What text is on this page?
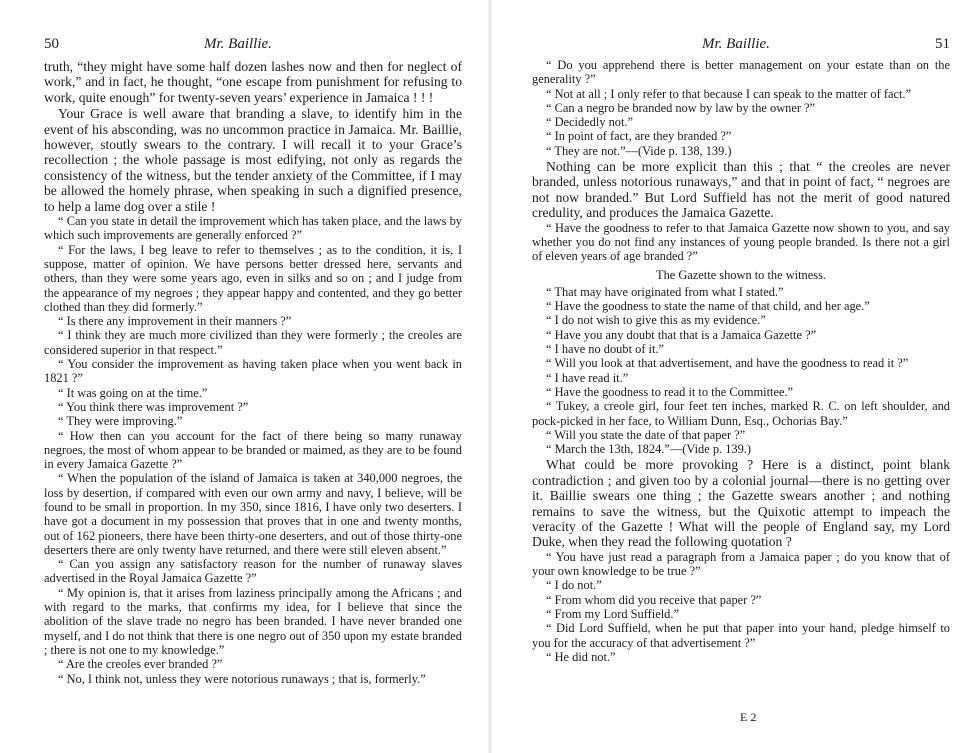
50	Mr. Baillie.

truth, “they might have some half dozen lashes now and then for neglect of work,” and in fact, he thought, “one escape from punishment for refusing to work, quite enough” for twenty-seven years’ experience in Jamaica ! ! !

Your Grace is well aware that branding a slave, to identify him in the event of his absconding, was no uncommon practice in Jamaica. Mr. Baillie, however, stoutly swears to the contrary. I will recall it to your Grace’s recollection ; the whole passage is most edifying, not only as regards the consistency of the witness, but the tender anxiety of the Committee, if I may be allowed the homely phrase, when speaking in such a dignified presence, to help a lame dog over a stile !

“ Can you state in detail the improvement which has taken place, and the laws by which such improvements are generally enforced ?”

“ For the laws, I beg leave to refer to themselves ; as to the condition, it is, I suppose, matter of opinion. We have persons better dressed here, servants and others, than they were some years ago, even in silks and so on ; and I judge from the appearance of my negroes ; they appear happy and contented, and they go better clothed than they did formerly.”

“ Is there any improvement in their manners ?”

“ I think they are much more civilized than they were formerly ; the creoles are considered superior in that respect.”

“ You consider the improvement as having taken place when you went back in 1821 ?”

“ It was going on at the time.”

“ You think there was improvement ?”

“ They were improving.”

“ How then can you account for the fact of there being so many runaway negroes, the most of whom appear to be branded or maimed, as they are to be found in every Jamaica Gazette ?”

“ When the population of the island of Jamaica is taken at 340,000 negroes, the loss by desertion, if compared with even our own army and navy, I believe, will be found to be small in proportion. In my 350, since 1816, I have only two deserters. I have got a document in my possession that proves that in one and twenty months, out of 162 pioneers, there have been thirty-one deserters, and out of those thirty-one deserters there are only twenty have returned, and there were still eleven absent.”

“ Can you assign any satisfactory reason for the number of runaway slaves advertised in the Royal Jamaica Gazette ?”

“ My opinion is, that it arises from laziness principally among the Africans ; and with regard to the marks, that confirms my idea, for I believe that since the abolition of the slave trade no negro has been branded. I have never branded one myself, and I do not think that there is one negro out of 350 upon my estate branded ; there is not one to my knowledge.”

“ Are the creoles ever branded ?”

“ No, I think not, unless they were notorious runaways ; that is, formerly.”

Mr. Baillie.	51

“ Do you apprehend there is better management on your estate than on the generality ?”

“ Not at all ; I only refer to that because I can speak to the matter of fact.”

“ Can a negro be branded now by law by the owner ?”

“ Decidedly not.”

“ In point of fact, are they branded ?”

“ They are not.”—(Vide p. 138, 139.)

Nothing can be more explicit than this ; that “ the creoles are never branded, unless notorious runaways,” and that in point of fact, “ negroes are not now branded.” But Lord Suffield has not the merit of good natured credulity, and produces the Jamaica Gazette.

“ Have the goodness to refer to that Jamaica Gazette now shown to you, and say whether you do not find any instances of young people branded. Is there not a girl of eleven years of age branded ?”

The Gazette shown to the witness.

“ That may have originated from what I stated.”

“ Have the goodness to state the name of that child, and her age.”

“ I do not wish to give this as my evidence.”

“ Have you any doubt that that is a Jamaica Gazette ?”

“ I have no doubt of it.”

“ Will you look at that advertisement, and have the goodness to read it ?”

“ I have read it.”

“ Have the goodness to read it to the Committee.”

“ Tukey, a creole girl, four feet ten inches, marked R. C. on left shoulder, and pock-picked in her face, to William Dunn, Esq., Ochorias Bay.”

“ Will you state the date of that paper ?”

“ March the 13th, 1824.”—(Vide p. 139.)

What could be more provoking ? Here is a distinct, point blank contradiction ; and given too by a colonial journal—there is no getting over it. Baillie swears one thing ; the Gazette swears another ; and nothing remains to save the witness, but the Quixotic attempt to impeach the veracity of the Gazette ! What will the people of England say, my Lord Duke, when they read the following quotation ?

“ You have just read a paragraph from a Jamaica paper ; do you know that of your own knowledge to be true ?”

“ I do not.”

“ From whom did you receive that paper ?”

“ From my Lord Suffield.”

“ Did Lord Suffield, when he put that paper into your hand, pledge himself to you for the accuracy of that advertisement ?”

“ He did not.”

E 2
